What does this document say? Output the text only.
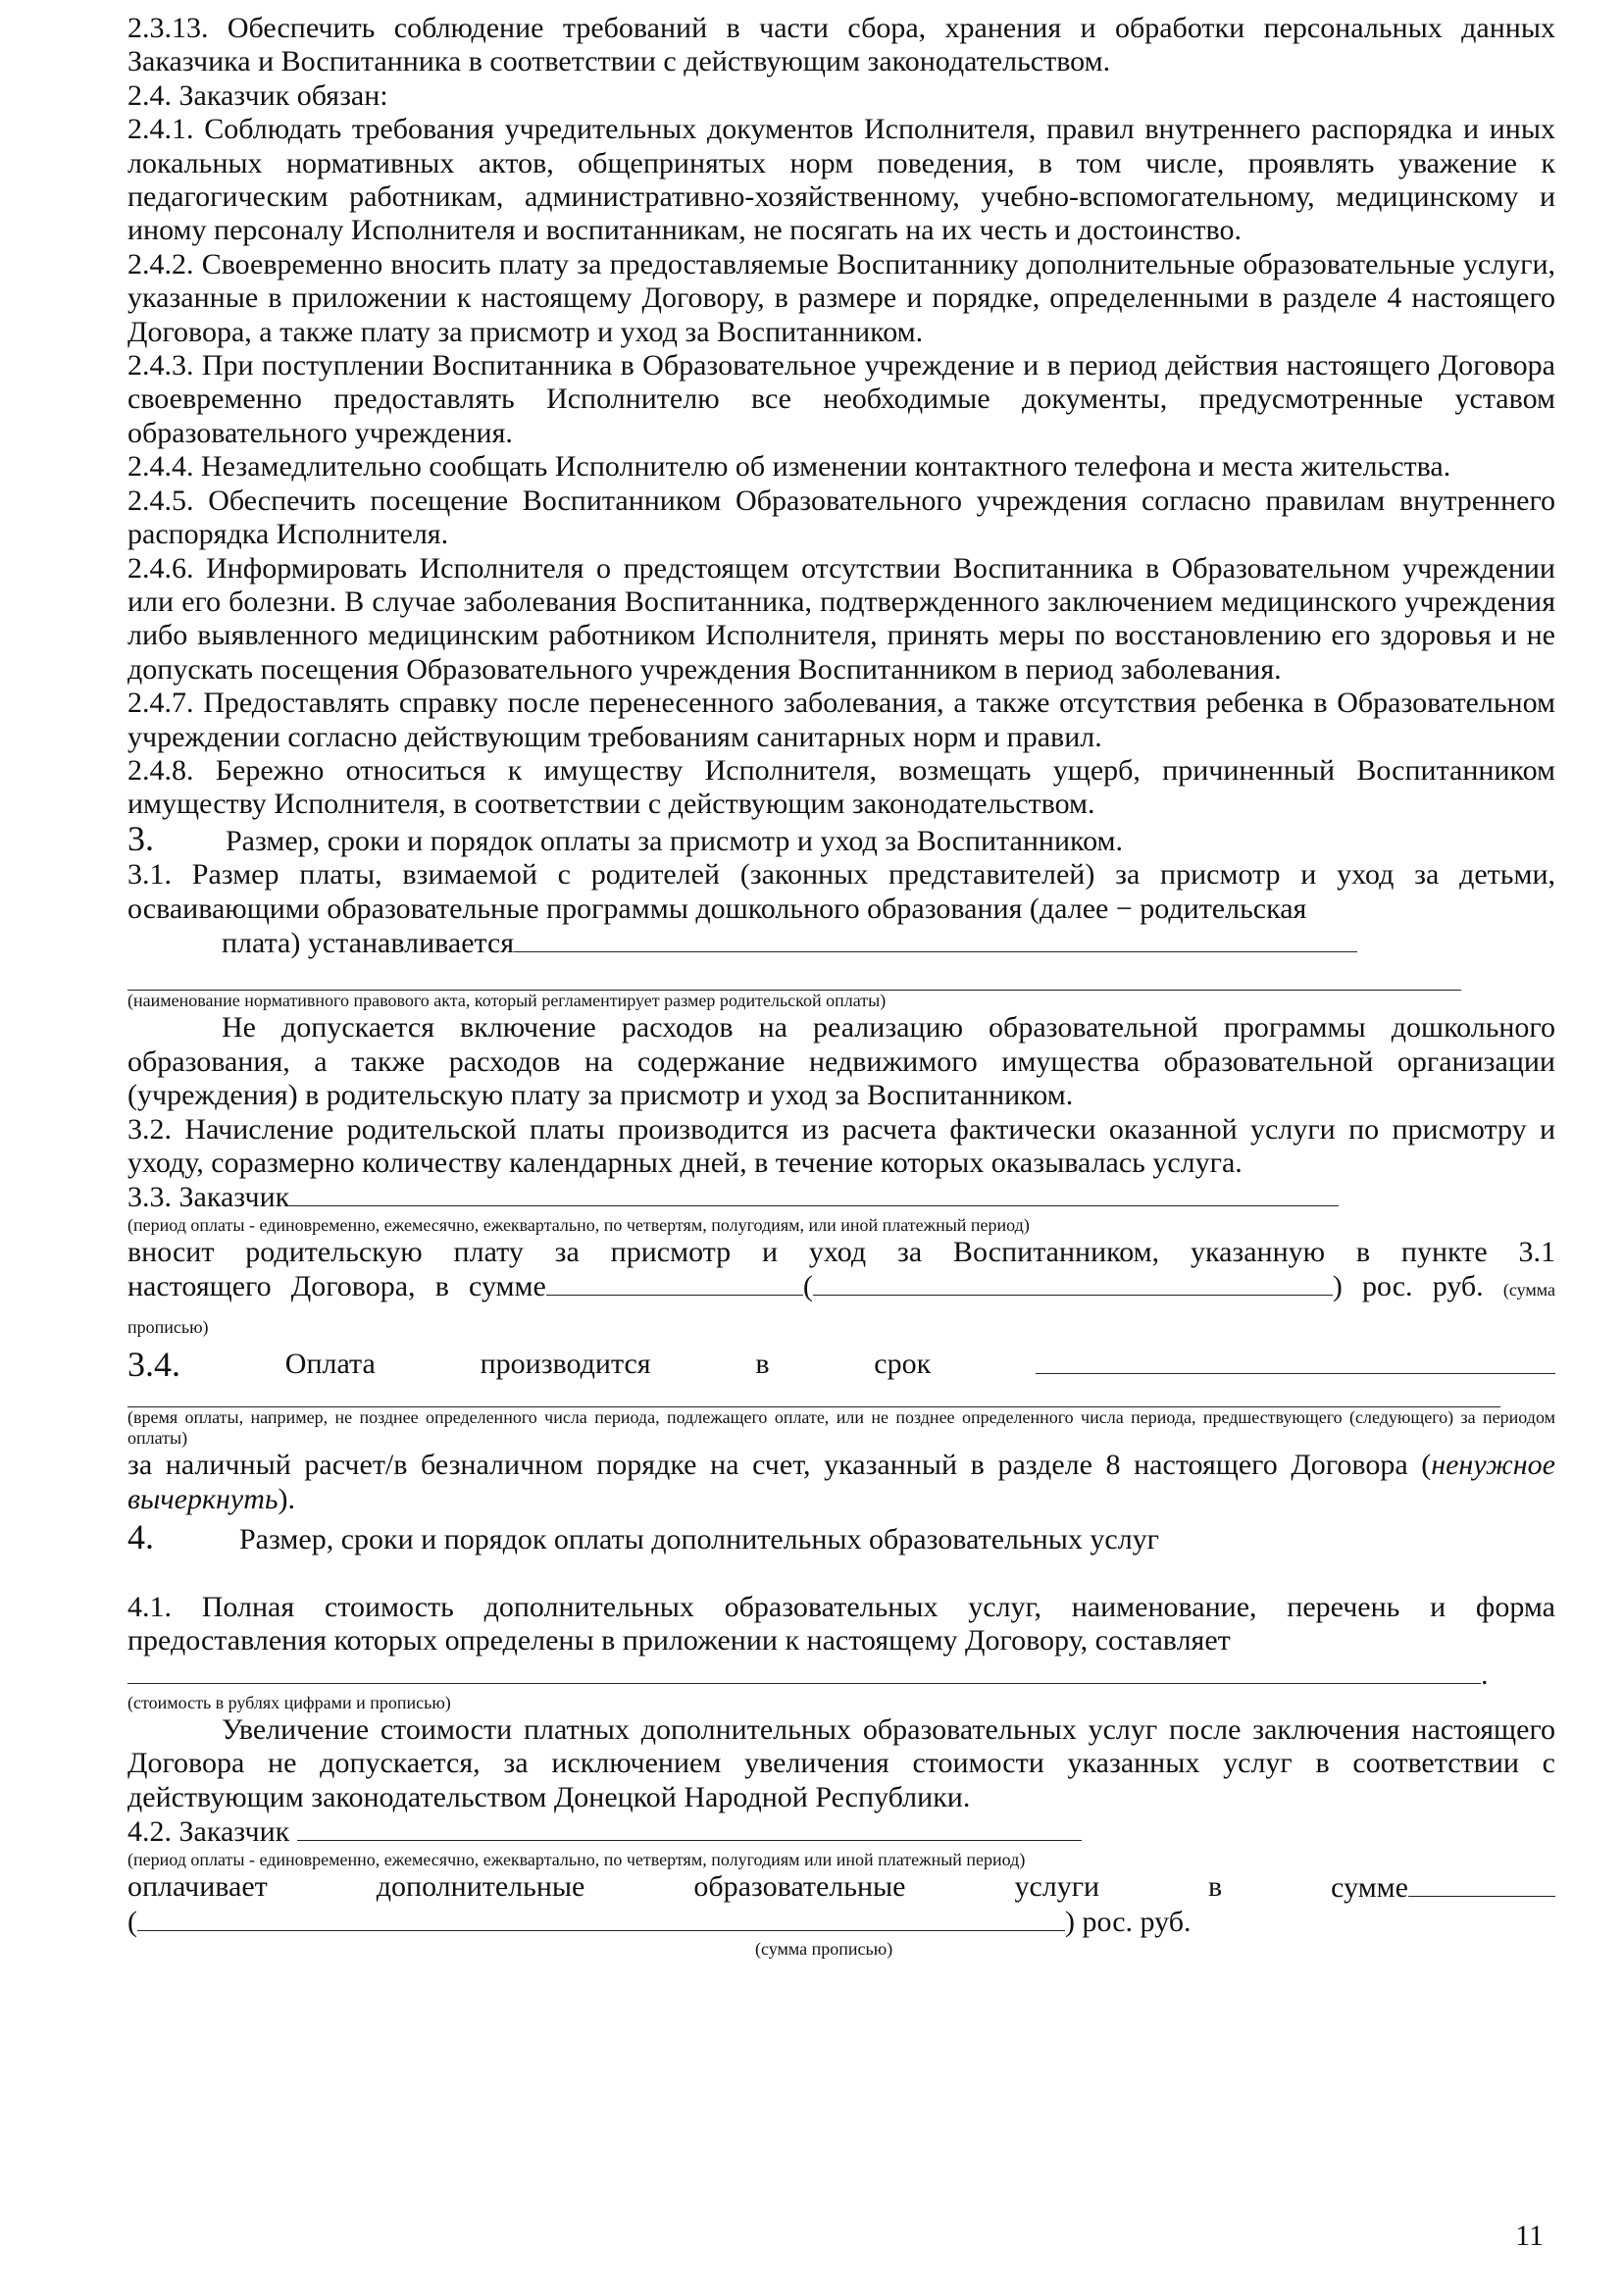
2.3.13. Обеспечить соблюдение требований в части сбора, хранения и обработки персональных данных Заказчика и Воспитанника в соответствии с действующим законодательством.

2.4. Заказчик обязан:

2.4.1. Соблюдать требования учредительных документов Исполнителя, правил внутреннего распорядка и иных локальных нормативных актов, общепринятых норм поведения, в том числе, проявлять уважение к педагогическим работникам, административно-хозяйственному, учебно-вспомогательному, медицинскому и иному персоналу Исполнителя и воспитанникам, не посягать на их честь и достоинство.

2.4.2. Своевременно вносить плату за предоставляемые Воспитаннику дополнительные образовательные услуги, указанные в приложении к настоящему Договору, в размере и порядке, определенными в разделе 4 настоящего Договора, а также плату за присмотр и уход за Воспитанником.

2.4.3. При поступлении Воспитанника в Образовательное учреждение и в период действия настоящего Договора своевременно предоставлять Исполнителю все необходимые документы, предусмотренные уставом образовательного учреждения.

2.4.4. Незамедлительно сообщать Исполнителю об изменении контактного телефона и места жительства.

2.4.5. Обеспечить посещение Воспитанником Образовательного учреждения согласно правилам внутреннего распорядка Исполнителя.

2.4.6. Информировать Исполнителя о предстоящем отсутствии Воспитанника в Образовательном учреждении или его болезни. В случае заболевания Воспитанника, подтвержденного заключением медицинского учреждения либо выявленного медицинским работником Исполнителя, принять меры по восстановлению его здоровья и не допускать посещения Образовательного учреждения Воспитанником в период заболевания.

2.4.7. Предоставлять справку после перенесенного заболевания, а также отсутствия ребенка в Образовательном учреждении согласно действующим требованиям санитарных норм и правил.

2.4.8. Бережно относиться к имуществу Исполнителя, возмещать ущерб, причиненный Воспитанником имуществу Исполнителя, в соответствии с действующим законодательством.

3. Размер, сроки и порядок оплаты за присмотр и уход за Воспитанником.

3.1. Размер платы, взимаемой с родителей (законных представителей) за присмотр и уход за детьми, осваивающими образовательные программы дошкольного образования (далее − родительская

плата) устанавливается

(наименование нормативного правового акта, который регламентирует размер родительской оплаты)

Не допускается включение расходов на реализацию образовательной программы дошкольного образования, а также расходов на содержание недвижимого имущества образовательной организации (учреждения) в родительскую плату за присмотр и уход за Воспитанником.

3.2. Начисление родительской платы производится из расчета фактически оказанной услуги по присмотру и уходу, соразмерно количеству календарных дней, в течение которых оказывалась услуга.

3.3. Заказчик

(период оплаты - единовременно, ежемесячно, ежеквартально, по четвертям, полугодиям, или иной платежный период)

вносит родительскую плату за присмотр и уход за Воспитанником, указанную в пункте 3.1

настоящего Договора, в сумме	(	) рос. руб. (сумма прописью)

3.4.	Оплата	производится	в	срок

(время оплаты, например, не позднее определенного числа периода, подлежащего оплате, или не позднее определенного числа периода, предшествующего (следующего) за периодом оплаты)

за наличный расчет/в безналичном порядке на счет, указанный в разделе 8 настоящего Договора (ненужное вычеркнуть).

4.	Размер, сроки и порядок оплаты дополнительных образовательных услуг

4.1. Полная стоимость дополнительных образовательных услуг, наименование, перечень и форма предоставления которых определены в приложении к настоящему Договору, составляет

.

(стоимость в рублях цифрами и прописью)

Увеличение стоимости платных дополнительных образовательных услуг после заключения настоящего Договора не допускается, за исключением увеличения стоимости указанных услуг в соответствии с действующим законодательством Донецкой Народной Республики.

4.2. Заказчик

(период оплаты - единовременно, ежемесячно, ежеквартально, по четвертям, полугодиям или иной платежный период)

оплачивает	дополнительные	образовательные	услуги	в	сумме

(	) рос. руб.

(сумма прописью)

11
